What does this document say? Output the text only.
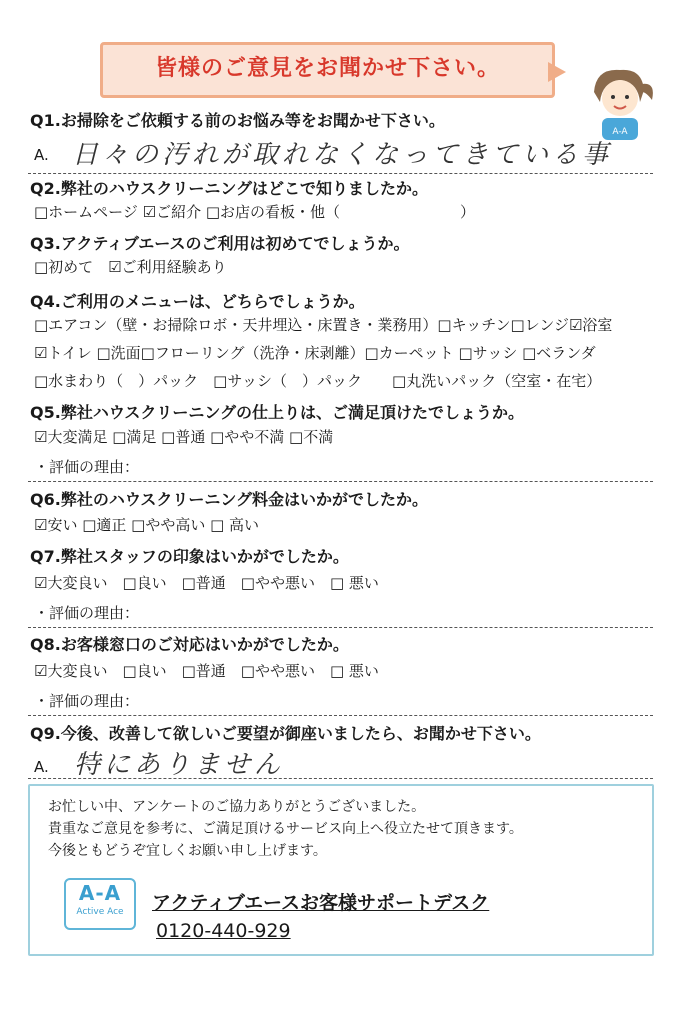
皆様のご意見をお聞かせ下さい。
A-A
Q1.お掃除をご依頼する前のお悩み等をお聞かせ下さい。
A. 日々の汚れが取れなくなってきている事
Q2.弊社のハウスクリーニングはどこで知りましたか。
□ホームページ ☑ご紹介 □お店の看板・他（　　　　　　　　）
Q3.アクティブエースのご利用は初めてでしょうか。
□初めて　☑ご利用経験あり
Q4.ご利用のメニューは、どちらでしょうか。
□エアコン（壁・お掃除ロボ・天井埋込・床置き・業務用）□キッチン□レンジ☑浴室
☑トイレ □洗面□フローリング（洗浄・床剥離）□カーペット □サッシ □ベランダ
□水まわり（　）パック　□サッシ（　）パック　　□丸洗いパック（空室・在宅）
Q5.弊社ハウスクリーニングの仕上りは、ご満足頂けたでしょうか。
☑大変満足 □満足 □普通 □やや不満 □不満
・評価の理由：
Q6.弊社のハウスクリーニング料金はいかがでしたか。
☑安い □適正 □やや高い □ 高い
Q7.弊社スタッフの印象はいかがでしたか。
☑大変良い　□良い　□普通　□やや悪い　□ 悪い
・評価の理由：
Q8.お客様窓口のご対応はいかがでしたか。
☑大変良い　□良い　□普通　□やや悪い　□ 悪い
・評価の理由：
Q9.今後、改善して欲しいご要望が御座いましたら、お聞かせ下さい。
A. 特にありません
お忙しい中、アンケートのご協力ありがとうございました。
貴重なご意見を参考に、ご満足頂けるサービス向上へ役立たせて頂きます。
今後ともどうぞ宜しくお願い申し上げます。
A-A
Active Ace	アクティブエースお客様サポートデスク
0120-440-929
